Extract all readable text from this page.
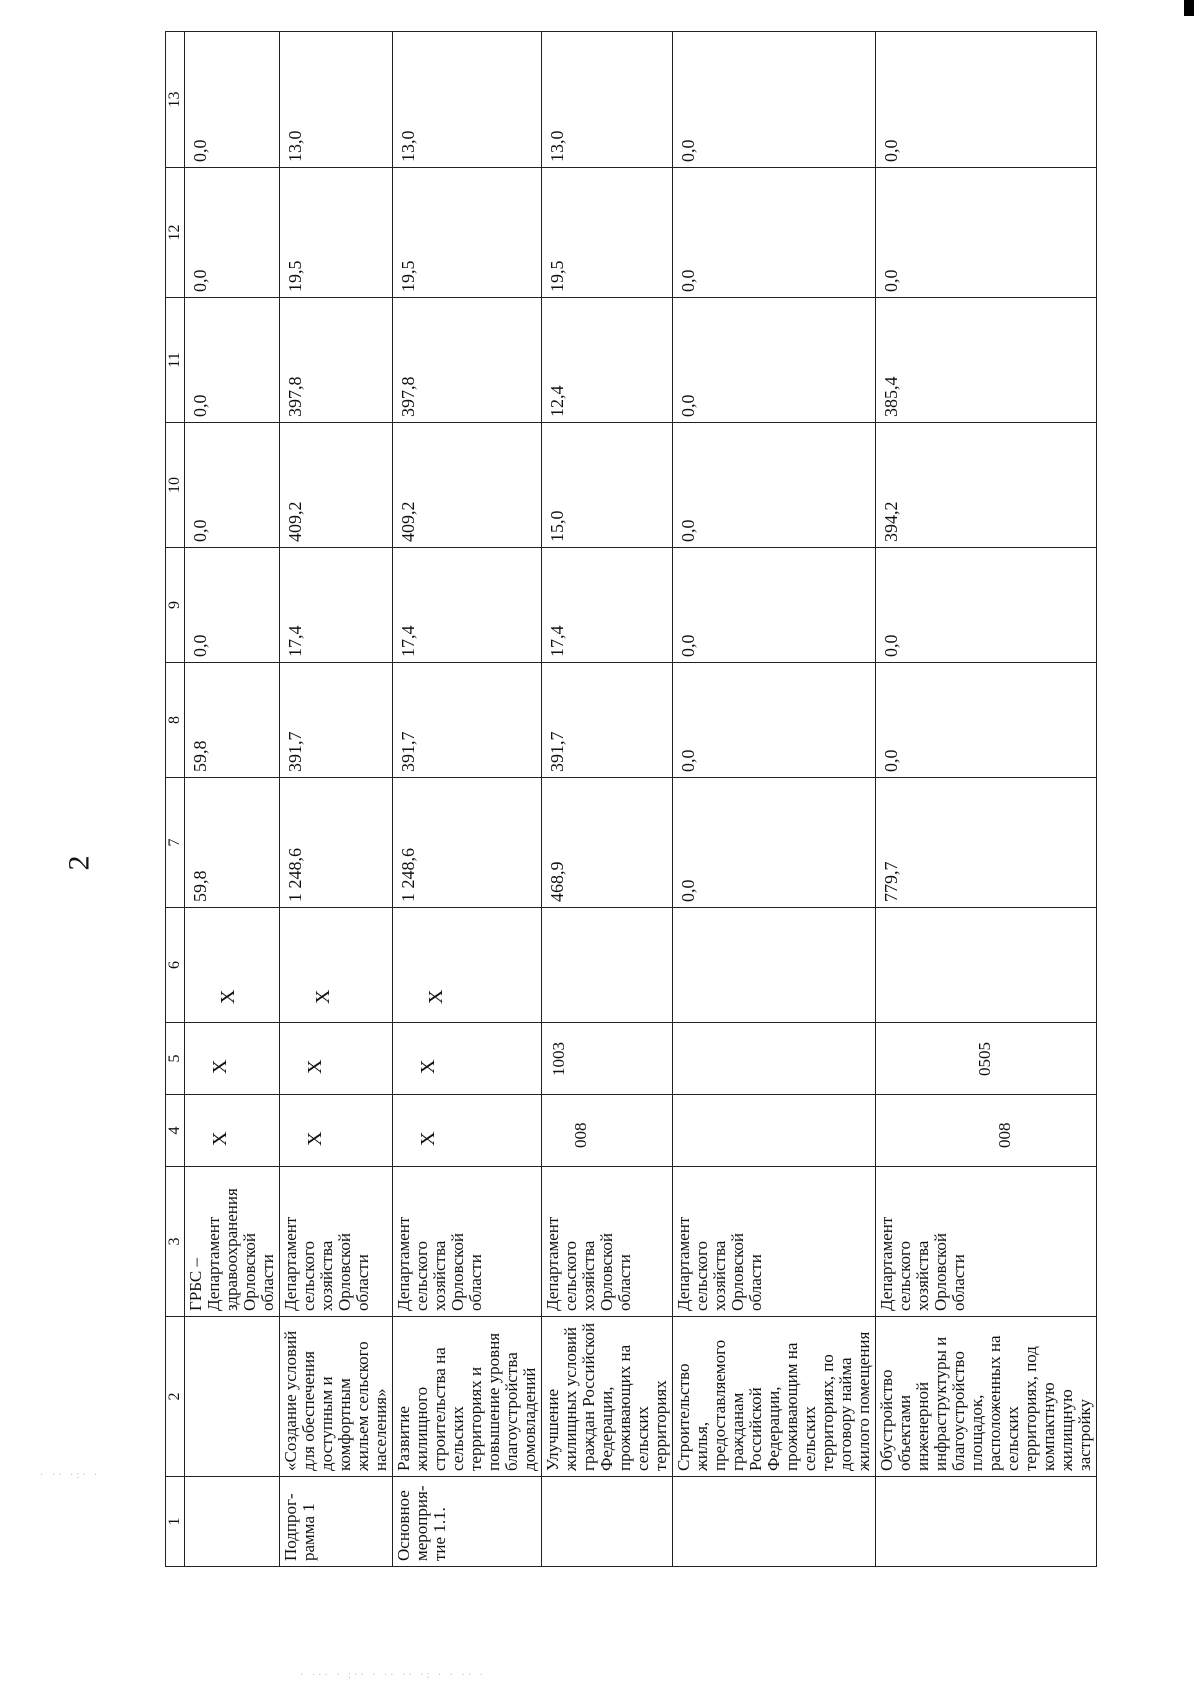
2
· ·· ·:· ·
· ··· · :·· · ·· ·· ·: · · ·· ·
1	2	3	4	5	6	7	8	9	10	11	12	13
		ГРБС – Департамент здравоохранения Орловской области	Х	Х	Х	59,8	59,8	0,0	0,0	0,0	0,0	0,0
Подпрог-рамма 1	«Создание условий для обеспечения доступным и комфортным жильем сельского населения»	Департамент сельского хозяйства Орловской области	Х	Х	Х	1 248,6	391,7	17,4	409,2	397,8	19,5	13,0
Основное мероприя-тие 1.1.	Развитие жилищного строительства на сельских территориях и повышение уровня благоустройства домовладений	Департамент сельского хозяйства Орловской области	Х	Х	Х	1 248,6	391,7	17,4	409,2	397,8	19,5	13,0
	Улучшение жилищных условий граждан Российской Федерации, проживающих на сельских территориях	Департамент сельского хозяйства Орловской области	008	1003		468,9	391,7	17,4	15,0	12,4	19,5	13,0
	Строительство жилья, предоставляемого гражданам Российской Федерации, проживающим на сельских территориях, по договору найма жилого помещения	Департамент сельского хозяйства Орловской области				0,0	0,0	0,0	0,0	0,0	0,0	0,0
	Обустройство объектами инженерной инфраструктуры и благоустройство площадок, расположенных на сельских территориях, под компактную жилищную застройку	Департамент сельского хозяйства Орловской области	008	0505		779,7	0,0	0,0	394,2	385,4	0,0	0,0
